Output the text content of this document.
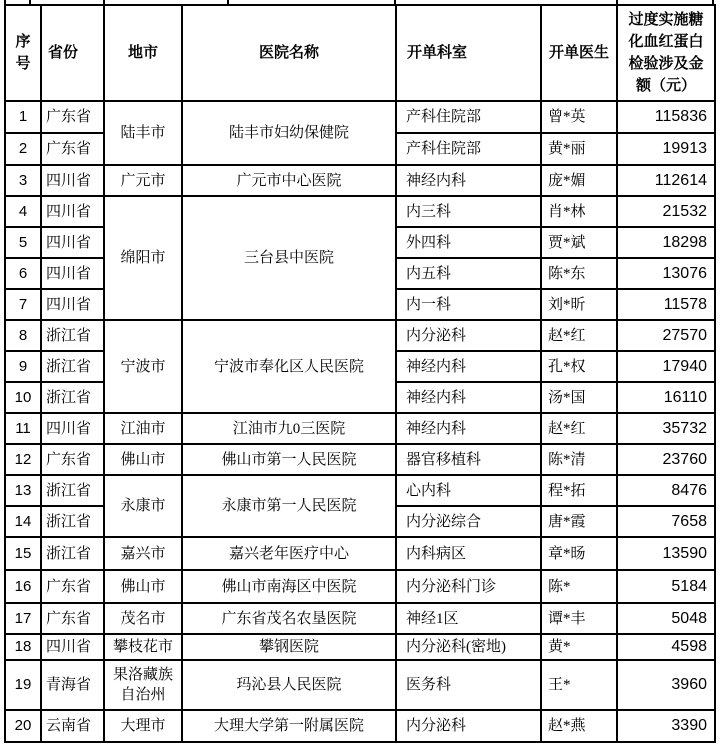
序号	省份	地市	医院名称	开单科室	开单医生	过度实施糖化血红蛋白检验涉及金额（元）
1	广东省	陆丰市	陆丰市妇幼保健院	产科住院部	曾*英	115836
2	广东省			产科住院部	黄*丽	19913
3	四川省	广元市	广元市中心医院	神经内科	庞*媚	112614
4	四川省	绵阳市	三台县中医院	内三科	肖*林	21532
5	四川省			外四科	贾*斌	18298
6	四川省			内五科	陈*东	13076
7	四川省			内一科	刘*昕	11578
8	浙江省	宁波市	宁波市奉化区人民医院	内分泌科	赵*红	27570
9	浙江省			神经内科	孔*权	17940
10	浙江省			神经内科	汤*国	16110
11	四川省	江油市	江油市九0三医院	神经内科	赵*红	35732
12	广东省	佛山市	佛山市第一人民医院	器官移植科	陈*清	23760
13	浙江省	永康市	永康市第一人民医院	心内科	程*拓	8476
14	浙江省			内分泌综合	唐*霞	7658
15	浙江省	嘉兴市	嘉兴老年医疗中心	内科病区	章*旸	13590
16	广东省	佛山市	佛山市南海区中医院	内分泌科门诊	陈*	5184
17	广东省	茂名市	广东省茂名农垦医院	神经1区	谭*丰	5048
18	四川省	攀枝花市	攀钢医院	内分泌科(密地)	黄*	4598
19	青海省	果洛藏族自治州	玛沁县人民医院	医务科	王*	3960
20	云南省	大理市	大理大学第一附属医院	内分泌科	赵*燕	3390
